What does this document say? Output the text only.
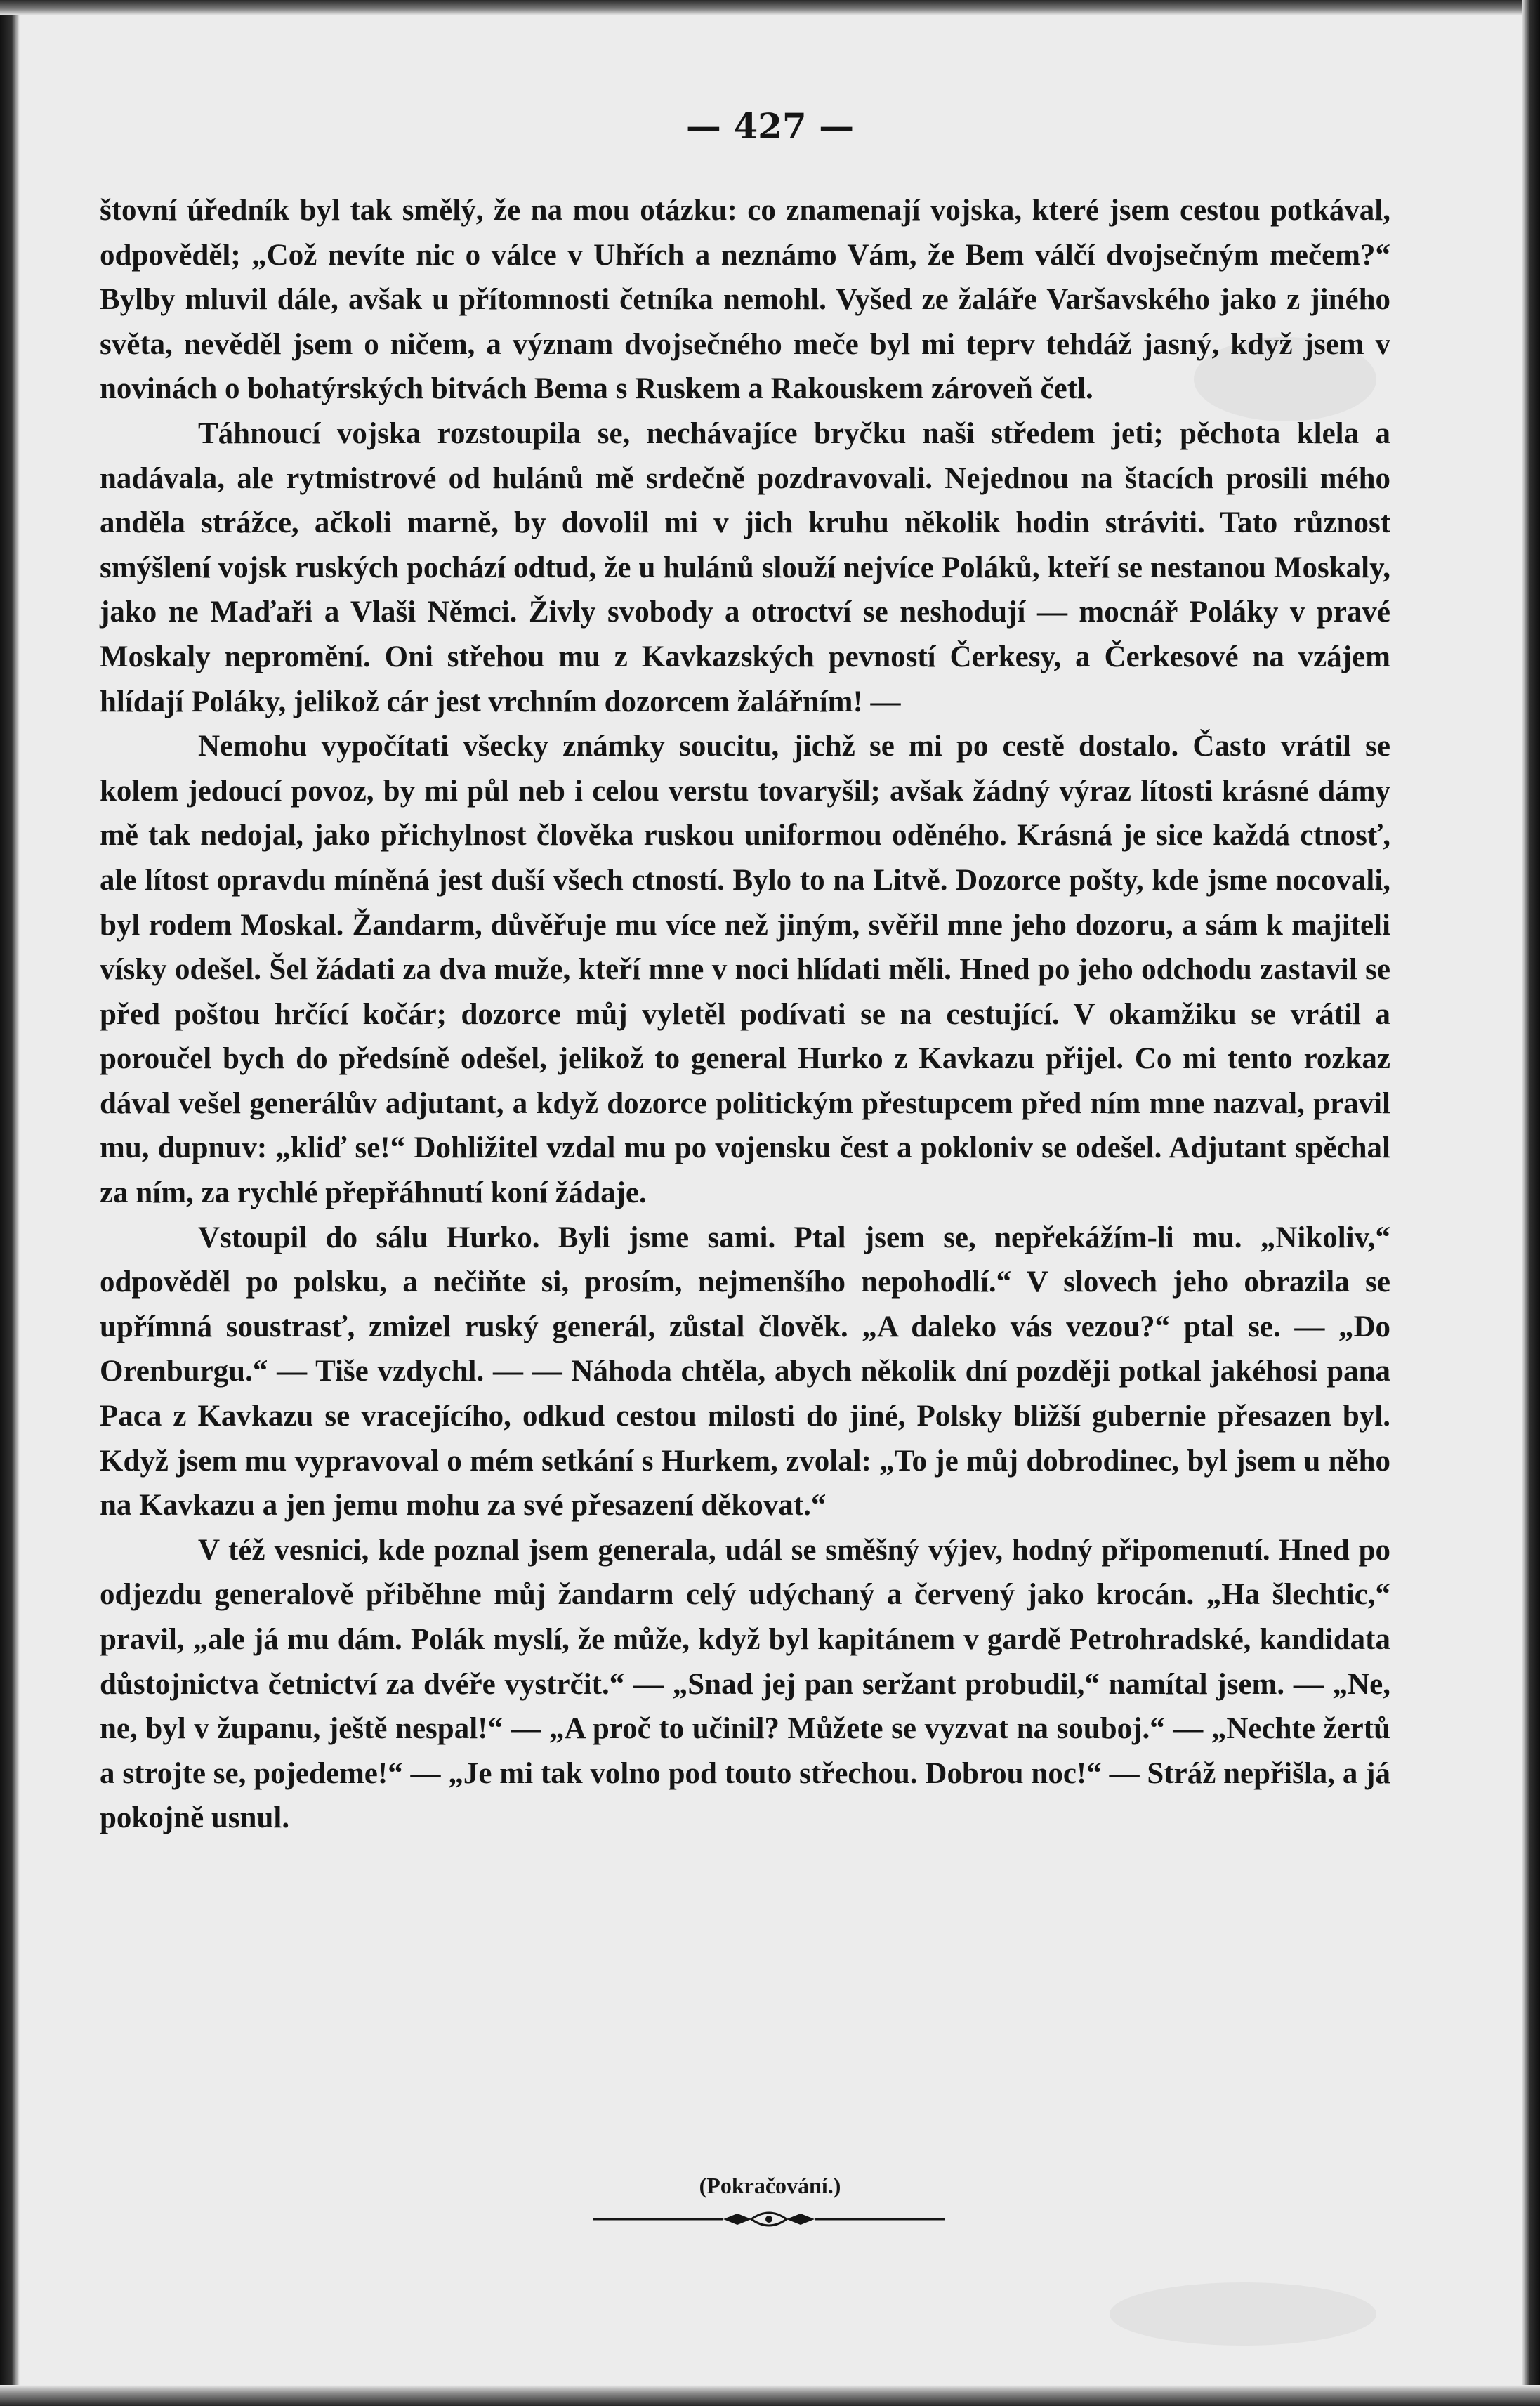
— 427 —

štovní úředník byl tak smělý, že na mou otázku: co znamenají vojska, které jsem cestou potkával, odpověděl; „Což nevíte nic o válce v Uhřích a neznámo Vám, že Bem válčí dvojsečným mečem?“ Bylby mluvil dále, avšak u přítomnosti četníka nemohl. Vyšed ze žaláře Varšavského jako z jiného světa, nevěděl jsem o ničem, a význam dvojsečného meče byl mi teprv tehdáž jasný, když jsem v novinách o bohatýrských bitvách Bema s Ruskem a Rakouskem zároveň četl.

Táhnoucí vojska rozstoupila se, nechávajíce bryčku naši středem jeti; pěchota klela a nadávala, ale rytmistrové od hulánů mě srdečně pozdravovali. Nejednou na štacích prosili mého anděla strážce, ačkoli marně, by dovolil mi v jich kruhu několik hodin stráviti. Tato různost smýšlení vojsk ruských pochází odtud, že u hulánů slouží nejvíce Poláků, kteří se nestanou Moskaly, jako ne Maďaři a Vlaši Němci. Živly svobody a otroctví se neshodují — mocnář Poláky v pravé Moskaly nepromění. Oni střehou mu z Kavkazských pevností Čerkesy, a Čerkesové na vzájem hlídají Poláky, jelikož cár jest vrchním dozorcem žalářním! —

Nemohu vypočítati všecky známky soucitu, jichž se mi po cestě dostalo. Často vrátil se kolem jedoucí povoz, by mi půl neb i celou verstu tovaryšil; avšak žádný výraz lítosti krásné dámy mě tak nedojal, jako přichylnost člověka ruskou uniformou oděného. Krásná je sice každá ctnosť, ale lítost opravdu míněná jest duší všech ctností. Bylo to na Litvě. Dozorce pošty, kde jsme nocovali, byl rodem Moskal. Žandarm, důvěřuje mu více než jiným, svěřil mne jeho dozoru, a sám k majiteli vísky odešel. Šel žádati za dva muže, kteří mne v noci hlídati měli. Hned po jeho odchodu zastavil se před poštou hrčící kočár; dozorce můj vyletěl podívati se na cestující. V okamžiku se vrátil a poroučel bych do předsíně odešel, jelikož to general Hurko z Kavkazu přijel. Co mi tento rozkaz dával vešel generálův adjutant, a když dozorce politickým přestupcem před ním mne nazval, pravil mu, dupnuv: „kliď se!“ Dohližitel vzdal mu po vojensku čest a pokloniv se odešel. Adjutant spěchal za ním, za rychlé přepřáhnutí koní žádaje.

Vstoupil do sálu Hurko. Byli jsme sami. Ptal jsem se, nepřekážím-li mu. „Nikoliv,“ odpověděl po polsku, a nečiňte si, prosím, nejmenšího nepohodlí.“ V slovech jeho obrazila se upřímná soustrasť, zmizel ruský generál, zůstal člověk. „A daleko vás vezou?“ ptal se. — „Do Orenburgu.“ — Tiše vzdychl. — — Náhoda chtěla, abych několik dní později potkal jakéhosi pana Paca z Kavkazu se vracejícího, odkud cestou milosti do jiné, Polsky bližší gubernie přesazen byl. Když jsem mu vypravoval o mém setkání s Hurkem, zvolal: „To je můj dobrodinec, byl jsem u něho na Kavkazu a jen jemu mohu za své přesazení děkovat.“

V též vesnici, kde poznal jsem generala, udál se směšný výjev, hodný připomenutí. Hned po odjezdu generalově přiběhne můj žandarm celý udýchaný a červený jako krocán. „Ha šlechtic,“ pravil, „ale já mu dám. Polák myslí, že může, když byl kapitánem v gardě Petrohradské, kandidata důstojnictva četnictví za dvéře vystrčit.“ — „Snad jej pan seržant probudil,“ namítal jsem. — „Ne, ne, byl v županu, ještě nespal!“ — „A proč to učinil? Můžete se vyzvat na souboj.“ — „Nechte žertů a strojte se, pojedeme!“ — „Je mi tak volno pod touto střechou. Dobrou noc!“ — Stráž nepřišla, a já pokojně usnul.

(Pokračování.)
